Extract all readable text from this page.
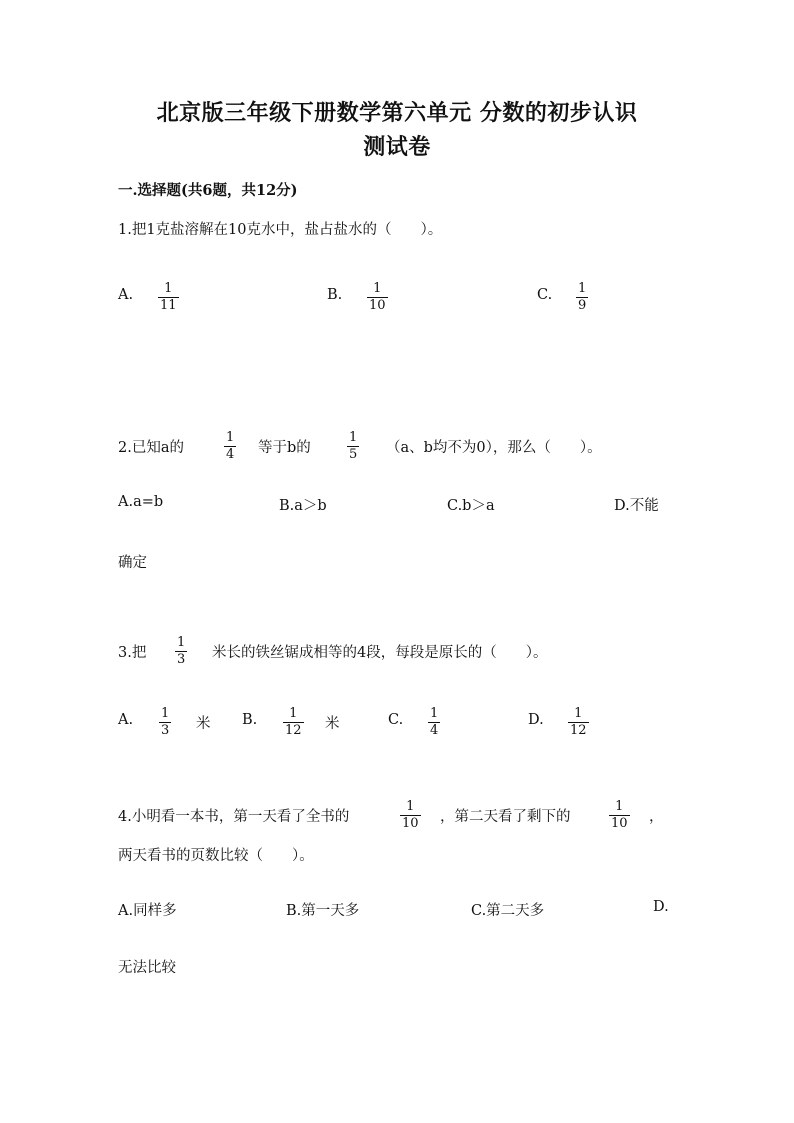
北京版三年级下册数学第六单元 分数的初步认识
测试卷
一.选择题(共6题，共12分)
1.把1克盐溶解在10克水中，盐占盐水的（　　）。
A. 1
11
B. 1
10
C. 1
9
2.已知a的
1
4 等于b的
1
5 （a、b均不为0），那么（　　）。
A.a=b	B.a＞b	C.b＞a	D.不能
确定
3.把
1
3 米长的铁丝锯成相等的4段，每段是原长的（　　）。
A. 1
3 米 B. 1
12 米	C. 1
4
D. 1
12
4.小明看一本书，第一天看了全书的
1
10 ，第二天看了剩下的
1
10 ，
两天看书的页数比较（　　）。
A.同样多	B.第一天多	C.第二天多	D.
无法比较
